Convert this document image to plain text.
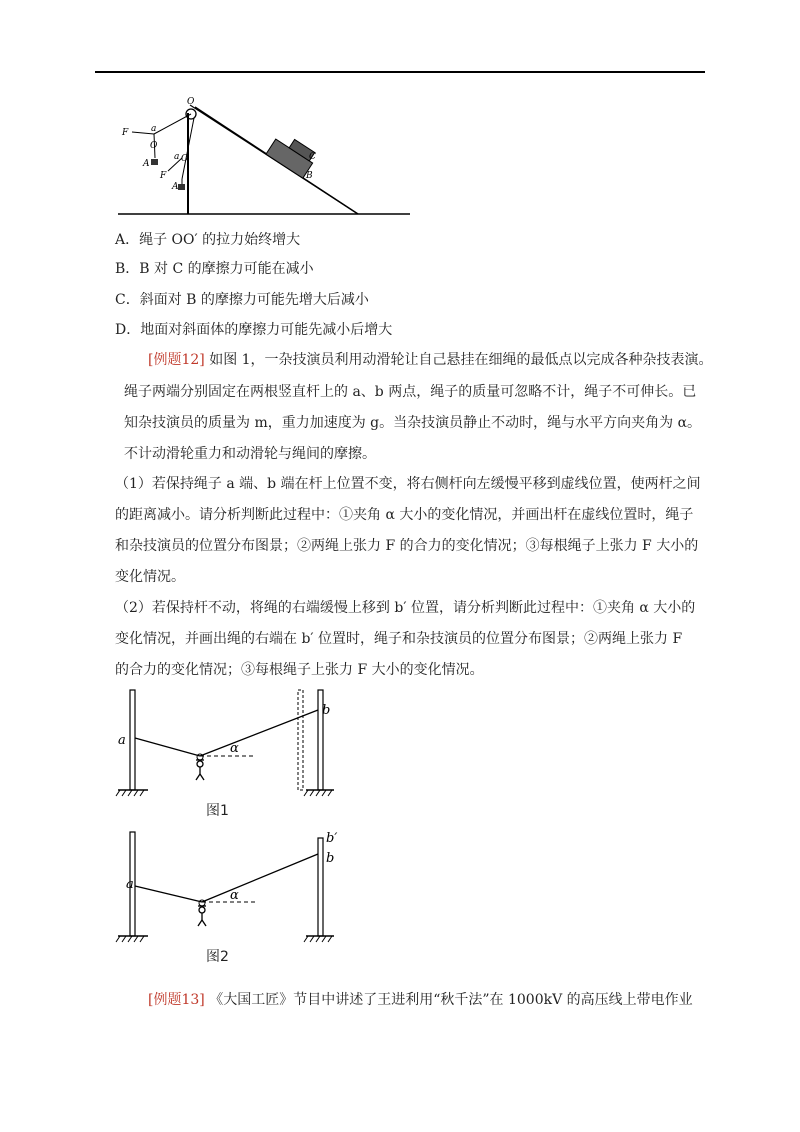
O
F	a
O
A
a O
F
A
C
B
A．绳子 OO′ 的拉力始终增大
B．B 对 C 的摩擦力可能在减小
C．斜面对 B 的摩擦力可能先增大后减小
D．地面对斜面体的摩擦力可能先减小后增大
[例题12] 如图 1，一杂技演员利用动滑轮让自己悬挂在细绳的最低点以完成各种杂技表演。
绳子两端分别固定在两根竖直杆上的 a、b 两点，绳子的质量可忽略不计，绳子不可伸长。已
知杂技演员的质量为 m，重力加速度为 g。当杂技演员静止不动时，绳与水平方向夹角为 α。
不计动滑轮重力和动滑轮与绳间的摩擦。
（1）若保持绳子 a 端、b 端在杆上位置不变，将右侧杆向左缓慢平移到虚线位置，使两杆之间
的距离减小。请分析判断此过程中：①夹角 α 大小的变化情况，并画出杆在虚线位置时，绳子
和杂技演员的位置分布图景；②两绳上张力 F 的合力的变化情况；③每根绳子上张力 F 大小的
变化情况。
（2）若保持杆不动，将绳的右端缓慢上移到 b′ 位置，请分析判断此过程中：①夹角 α 大小的
变化情况，并画出绳的右端在 b′ 位置时，绳子和杂技演员的位置分布图景；②两绳上张力 F
的合力的变化情况；③每根绳子上张力 F 大小的变化情况。
a
b
α
图1
a
b′
b
α
图2
[例题13] 《大国工匠》节目中讲述了王进利用“秋千法”在 1000kV 的高压线上带电作业
